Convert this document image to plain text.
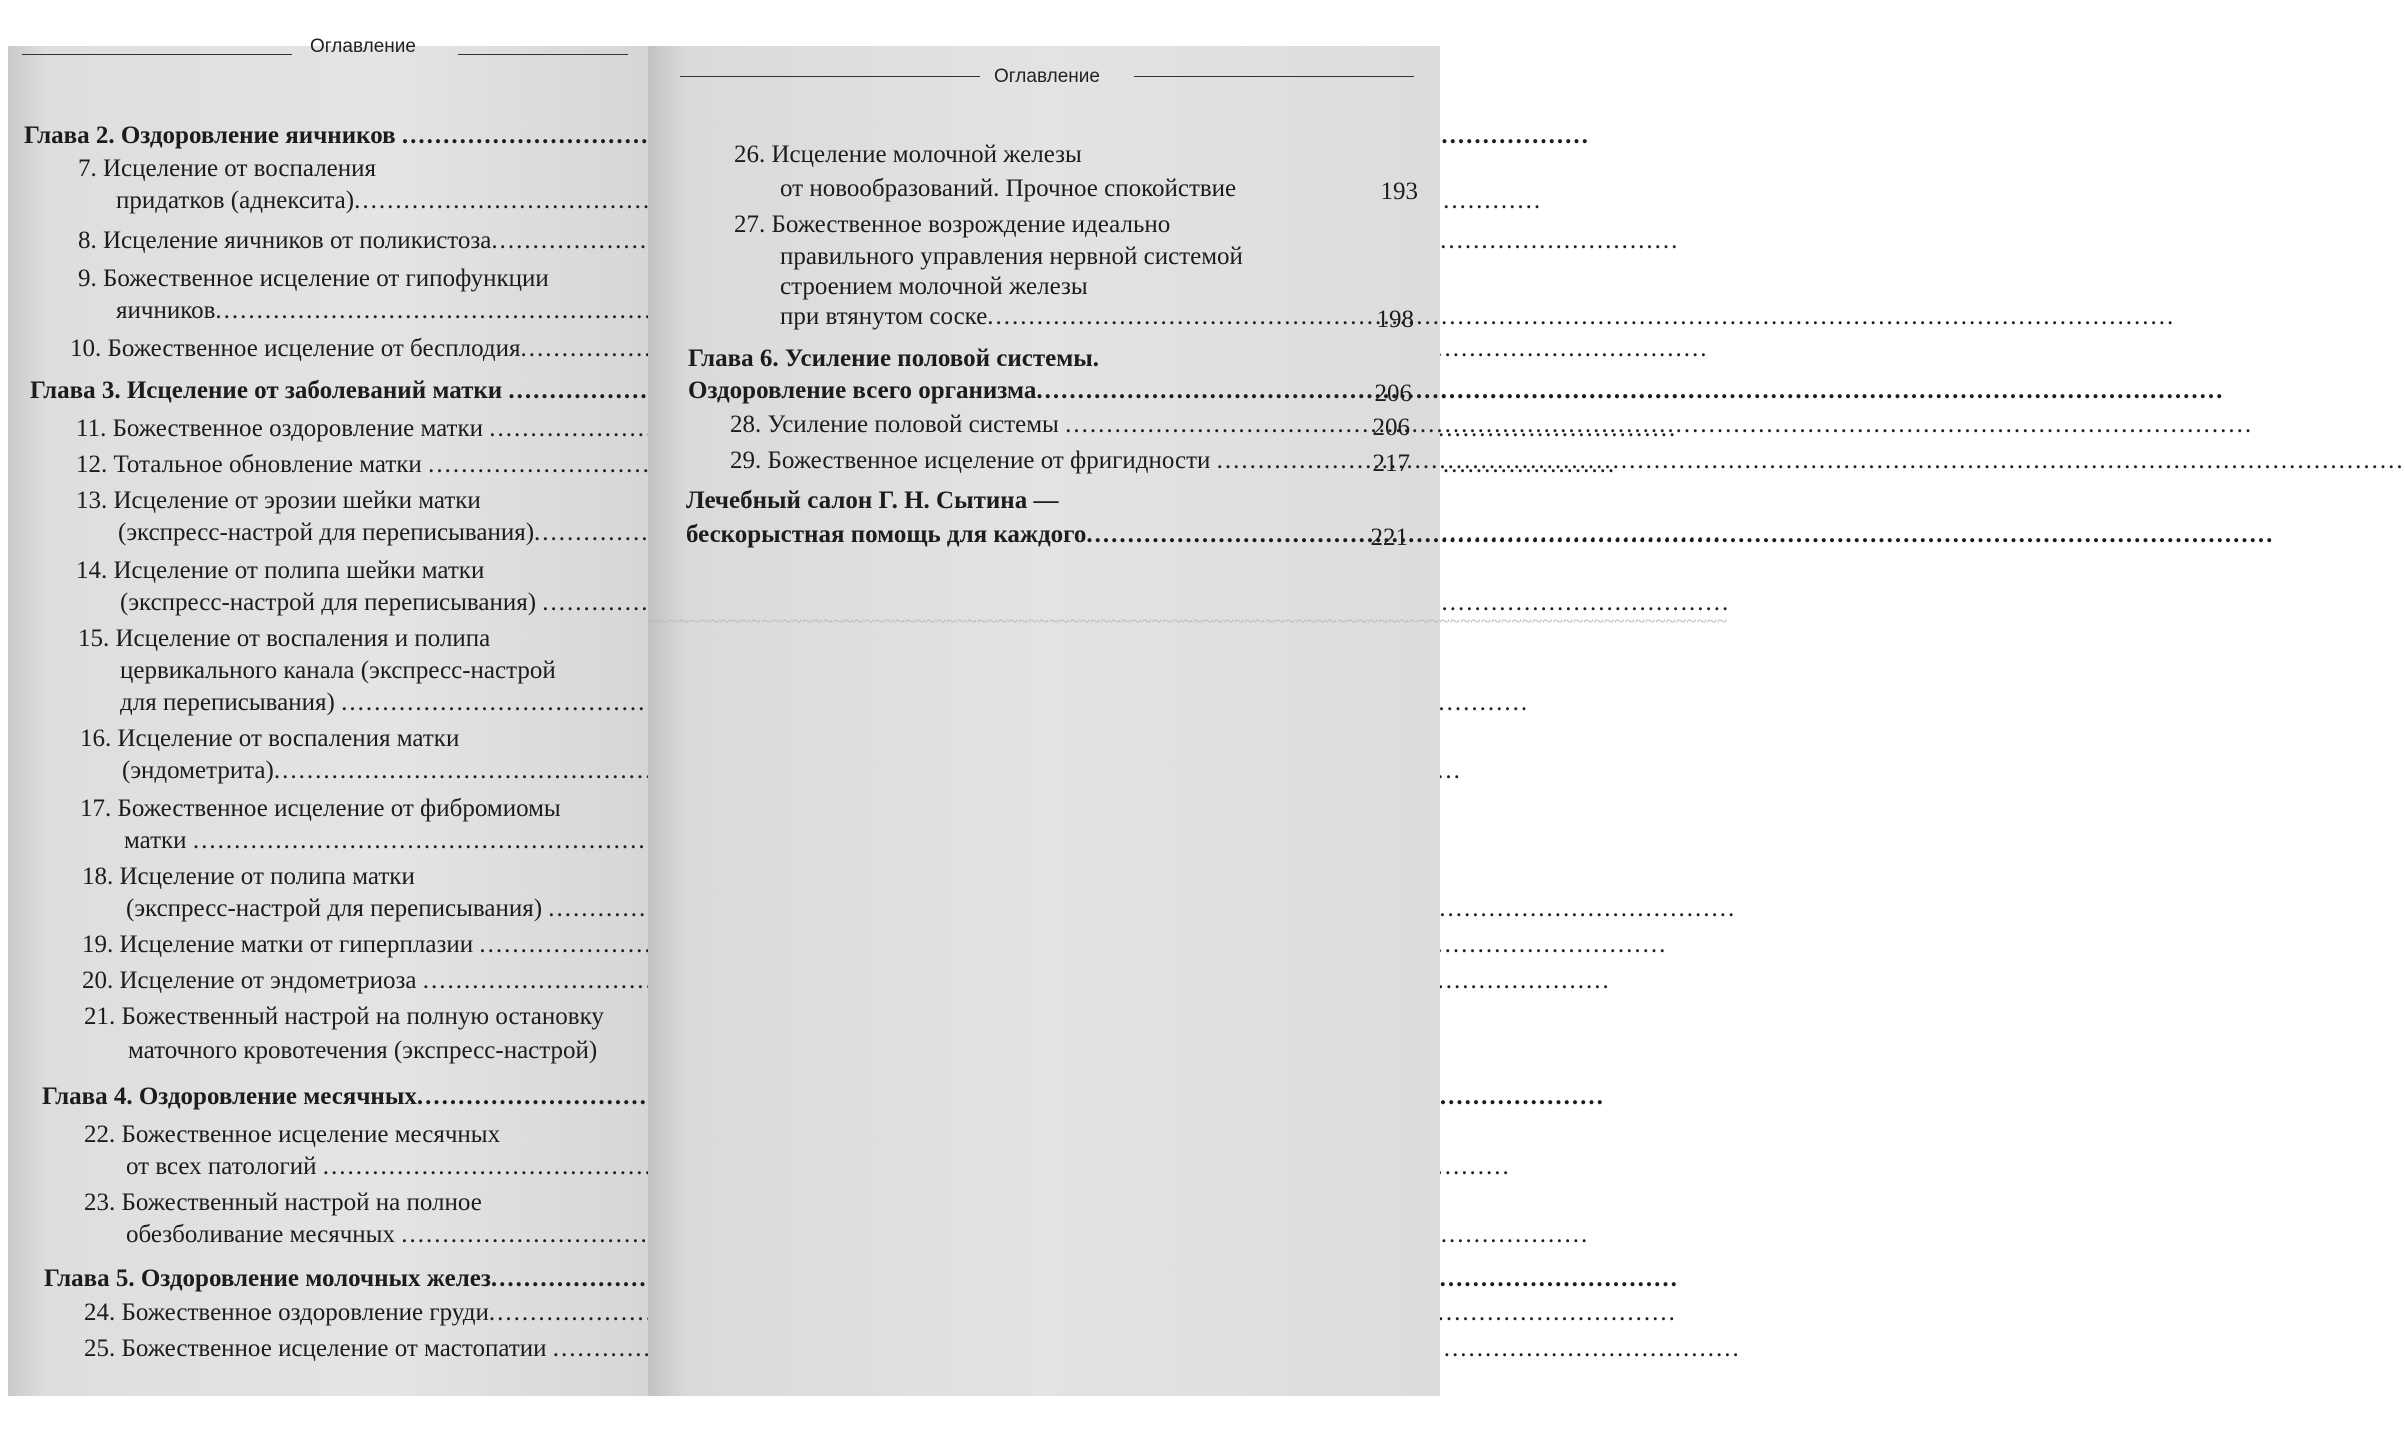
Оглавление
Глава 2. Оздоровление яичников .....
7. Исцеление от воспаления
придатков (аднексита).....
8. Исцеление яичников от поликистоза.....
9. Божественное исцеление от гипофункции
яичников.....
10. Божественное исцеление от бесплодия.....
Глава 3. Исцеление от заболеваний матки .....
11. Божественное оздоровление матки .....
12. Тотальное обновление матки .....
13. Исцеление от эрозии шейки матки
(экспресс-настрой для переписывания).....
14. Исцеление от полипа шейки матки
(экспресс-настрой для переписывания) .....
15. Исцеление от воспаления и полипа
цервикального канала (экспресс-настрой
для переписывания) .....
16. Исцеление от воспаления матки
(эндометрита).....
17. Божественное исцеление от фибромиомы
матки .....
18. Исцеление от полипа матки
(экспресс-настрой для переписывания) .....
19. Исцеление матки от гиперплазии .....
20. Исцеление от эндометриоза .....
21. Божественный настрой на полную остановку
маточного кровотечения (экспресс-настрой)
Глава 4. Оздоровление месячных.....
22. Божественное исцеление месячных
от всех патологий .....
23. Божественный настрой на полное
обезболивание месячных .....
Глава 5. Оздоровление молочных желез.....
24. Божественное оздоровление груди.....
25. Божественное исцеление от мастопатии .....
~~~~~~~~~~~~~~~~~~~~~~~~~~~~~~~~~~~~~~~~~~~~~~~~~~~~~~~~~~~~~~~~~~~~~~~~~~~~~~~~~~~~~~~~~~~~~~~~~~~~~~~~~
Оглавление
26. Исцеление молочной железы
от новообразований. Прочное спокойствие	193
27. Божественное возрождение идеально
правильного управления нервной системой
строением молочной железы
при втянутом соске .....	198
Глава 6. Усиление половой системы.
Оздоровление всего организма .....	206
28. Усиление половой системы .....	206
29. Божественное исцеление от фригидности .....	217
Лечебный салон Г. Н. Сытина —
бескорыстная помощь для каждого .....	221
